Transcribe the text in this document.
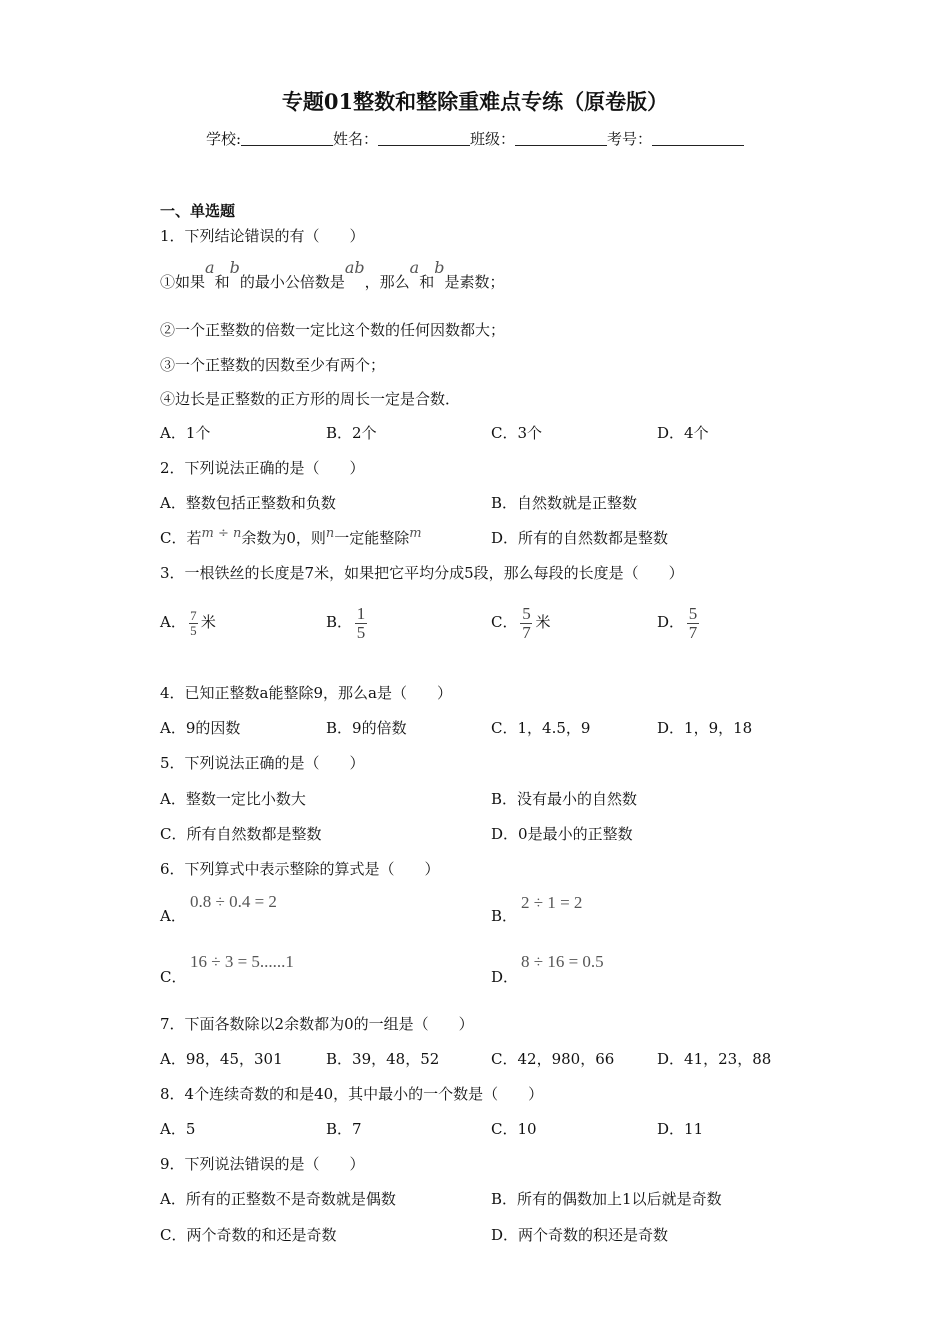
专题01整数和整除重难点专练（原卷版）
学校:	姓名：	班级：	考号：
一、单选题
1．下列结论错误的有（　　）
①如果a和b的最小公倍数是ab，那么a和b是素数；
②一个正整数的倍数一定比这个数的任何因数都大；
③一个正整数的因数至少有两个；
④边长是正整数的正方形的周长一定是合数．
A．1个	B．2个	C．3个	D．4个
2．下列说法正确的是（　　）
A．整数包括正整数和负数	B．自然数就是正整数
C．若m ÷ n余数为0，则n一定能整除m	D．所有的自然数都是整数
3．一根铁丝的长度是7米，如果把它平均分成5段，那么每段的长度是（　　）
A． $\frac{7}{5}$ 米	B． $\frac{1}{5}$	C． $\frac{5}{7}$ 米	D． $\frac{5}{7}$
4．已知正整数a能整除9，那么a是（　　）
A．9的因数	B．9的倍数	C．1，4.5，9	D．1，9，18
5．下列说法正确的是（　　）
A．整数一定比小数大	B．没有最小的自然数
C．所有自然数都是整数	D．0是最小的正整数
6．下列算式中表示整除的算式是（　　）
A．
0.8 ÷ 0.4 = 2
B．
2 ÷ 1 = 2
C．
16 ÷ 3 = 5......1
D．
8 ÷ 16 = 0.5
7．下面各数除以2余数都为0的一组是（　　）
A．98，45，301	B．39，48，52	C．42，980，66	D．41，23，88
8．4个连续奇数的和是40，其中最小的一个数是（　　）
A．5	B．7	C．10	D．11
9．下列说法错误的是（　　）
A．所有的正整数不是奇数就是偶数	B．所有的偶数加上1以后就是奇数
C．两个奇数的和还是奇数	D．两个奇数的积还是奇数
